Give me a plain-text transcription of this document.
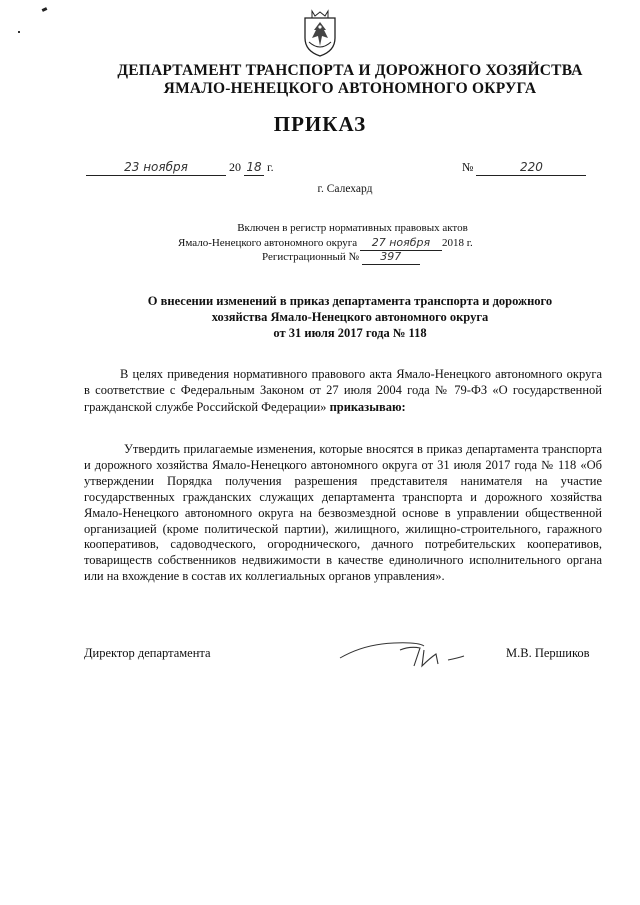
ДЕПАРТАМЕНТ ТРАНСПОРТА И ДОРОЖНОГО ХОЗЯЙСТВА
ЯМАЛО-НЕНЕЦКОГО АВТОНОМНОГО ОКРУГА
ПРИКАЗ
23 ноября	20 18 г.	№	220
г. Салехард
Включен в регистр нормативных правовых актов
Ямало-Ненецкого автономного округа 27 ноября 2018 г.
Регистрационный № 397
О внесении изменений в приказ департамента транспорта и дорожного
хозяйства Ямало-Ненецкого автономного округа
от 31 июля 2017 года № 118
В целях приведения нормативного правового акта Ямало-Ненецкого автономного округа в соответствие с Федеральным Законом от 27 июля 2004 года № 79-ФЗ «О государственной гражданской службе Российской Федерации» приказываю:
Утвердить прилагаемые изменения, которые вносятся в приказ департамента транспорта и дорожного хозяйства Ямало-Ненецкого автономного округа от 31 июля 2017 года № 118 «Об утверждении Порядка получения разрешения представителя нанимателя на участие государственных гражданских служащих департамента транспорта и дорожного хозяйства Ямало-Ненецкого автономного округа на безвозмездной основе в управлении общественной организацией (кроме политической партии), жилищного, жилищно-строительного, гаражного кооперативов, садоводческого, огороднического, дачного потребительских кооперативов, товариществ собственников недвижимости в качестве единоличного исполнительного органа или на вхождение в состав их коллегиальных органов управления».
Директор департамента	М.В. Першиков
